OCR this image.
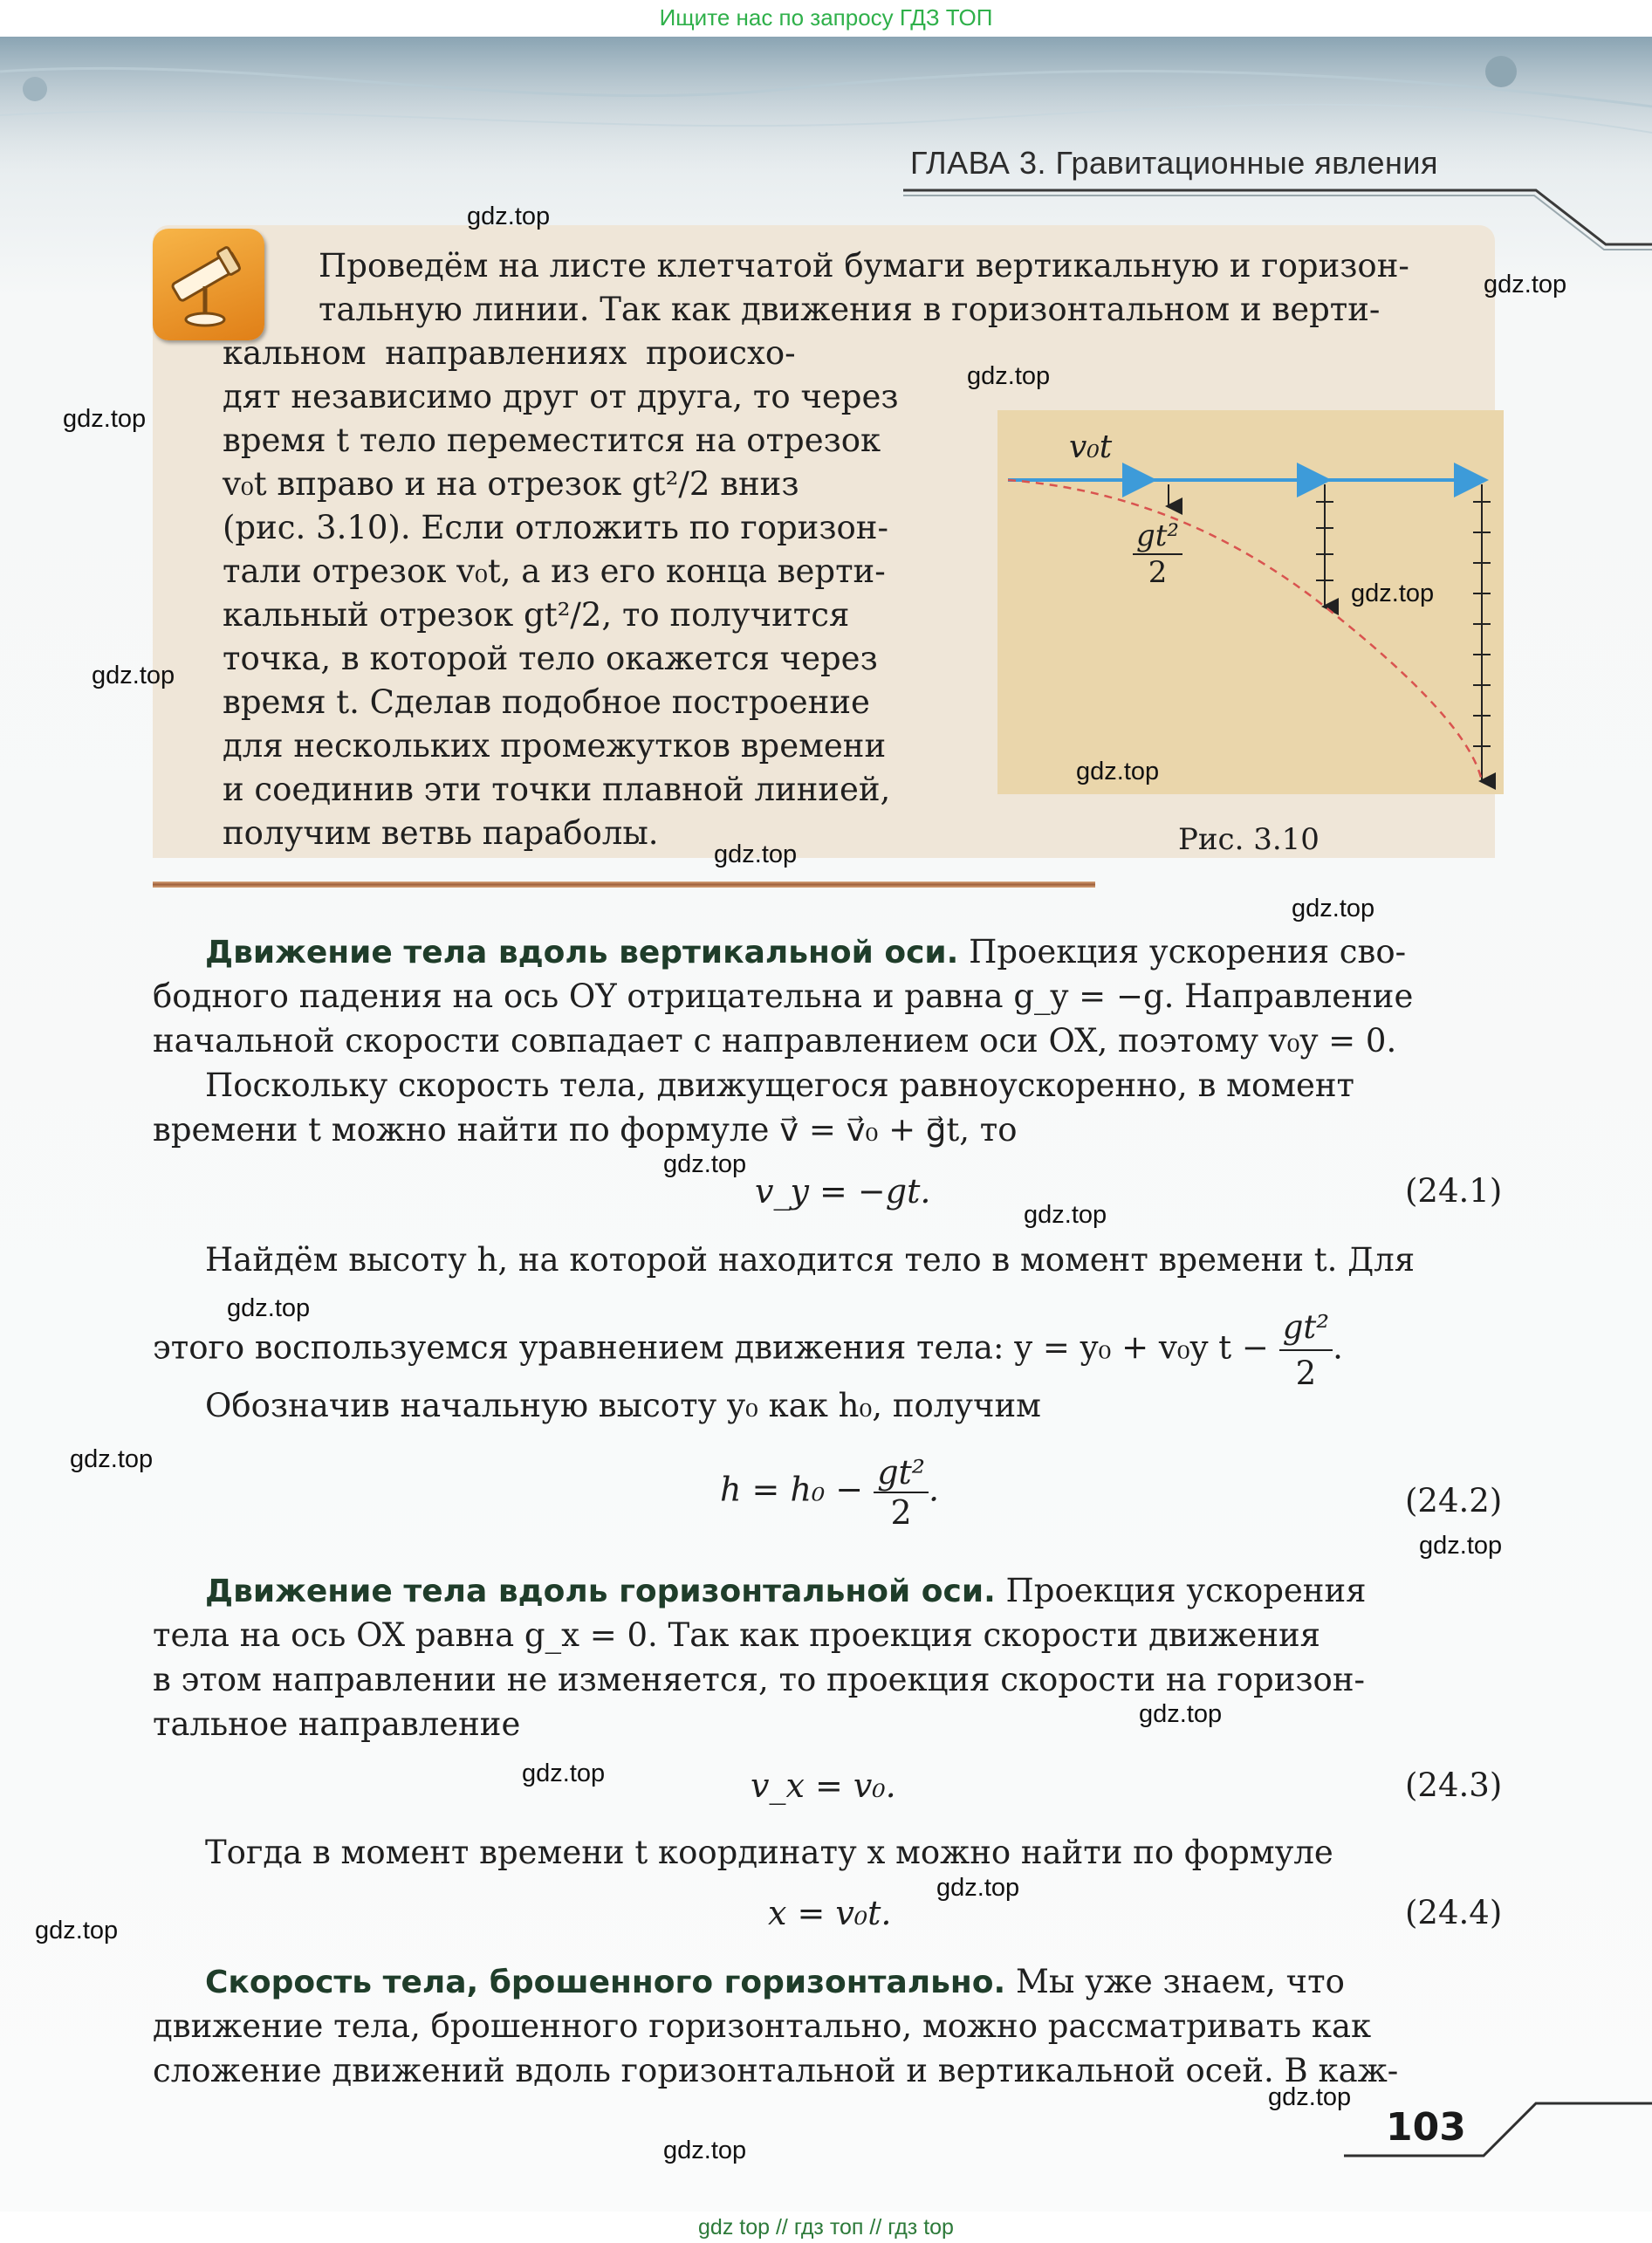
Ищите нас по запросу ГДЗ ТОП
ГЛАВА 3. Гравитационные явления
Проведём на листе клетчатой бумаги вертикальную и горизон-
тальную линии. Так как движения в горизонтальном и верти-
кальном направлениях происхо-
дят независимо друг от друга, то через
время t тело переместится на отрезок
v₀t вправо и на отрезок gt²/2 вниз
(рис. 3.10). Если отложить по горизон-
тали отрезок v₀t, а из его конца верти-
кальный отрезок gt²/2, то получится
точка, в которой тело окажется через
время t. Сделав подобное построение
для нескольких промежутков времени
и соединив эти точки плавной линией,
получим ветвь параболы.
v₀t
$\frac{\text{gt²}}{2}$
Рис. 3.10
Движение тела вдоль вертикальной оси. Проекция ускорения сво-
бодного падения на ось OY отрицательна и равна g_y = −g. Направление
начальной скорости совпадает с направлением оси OX, поэтому v₀y = 0.
Поскольку скорость тела, движущегося равноускоренно, в момент
времени t можно найти по формуле v⃗ = v⃗₀ + g⃗t, то
v_y = −gt.	(24.1)
Найдём высоту h, на которой находится тело в момент времени t. Для
этого воспользуемся уравнением движения тела: y = y₀ + v₀y $t - \frac{\text{gt²}}{2}$ .
Обозначив начальную высоту y₀ как h₀, получим
$h = h_0 - \frac{\text{gt²}}{2}$ .	(24.2)
Движение тела вдоль горизонтальной оси. Проекция ускорения
тела на ось OX равна g_x = 0. Так как проекция скорости движения
в этом направлении не изменяется, то проекция скорости на горизон-
тальное направление
v_x = v₀.	(24.3)
Тогда в момент времени t координату x можно найти по формуле
x = v₀t.	(24.4)
Скорость тела, брошенного горизонтально. Мы уже знаем, что
движение тела, брошенного горизонтально, можно рассматривать как
сложение движений вдоль горизонтальной и вертикальной осей. В каж-
103
gdz.top
gdz.top
gdz.top
gdz.top
gdz.top
gdz.top
gdz.top
gdz.top
gdz.top
gdz.top
gdz.top
gdz.top
gdz.top
gdz.top
gdz.top
gdz.top
gdz.top
gdz.top
gdz.top
gdz.top
gdz top // гдз топ // гдз top
